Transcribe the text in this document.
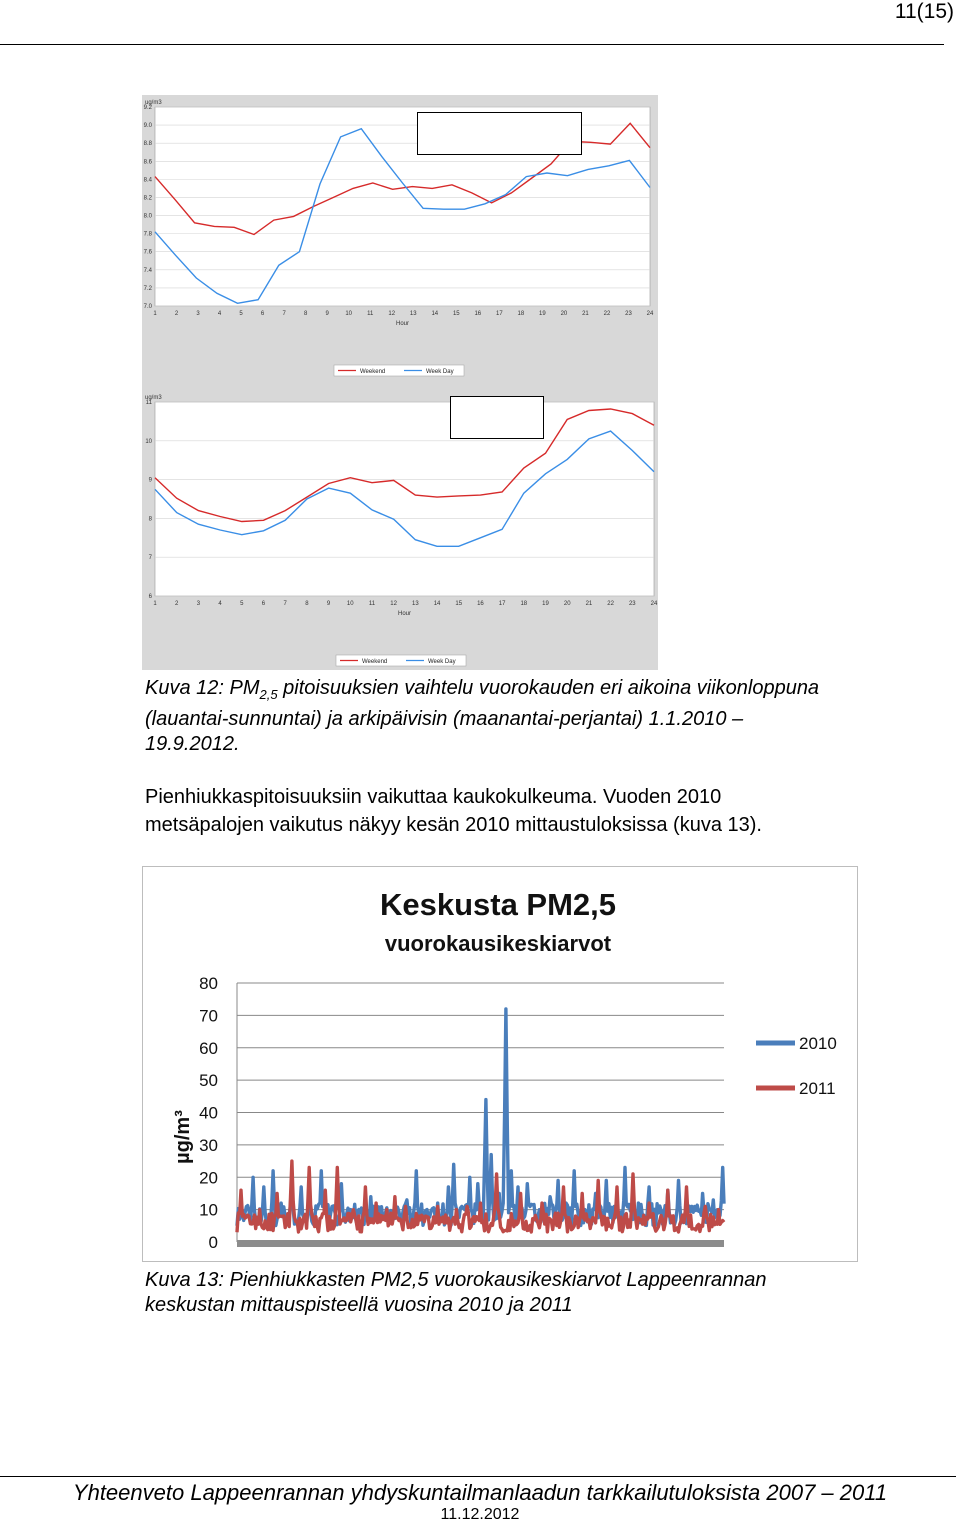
11(15)
7.0
7.2
7.4
7.6
7.8
8.0
8.2
8.4
8.6
8.8
9.0
9.2
1	2	3	4	5	6	7	8	9	10	11	12 13 14 15 16 17 18 19 20 21 22 23 24
ug/m3
Hour
Weekend	Week Day
6
7
8
9
10
11
1	2	3	4	5	6	7	8	9	10	11	12	13	14	15	16	17	18	19	20	21	22	23	24
ug/m3
Hour
Weekend	Week Day
Kuva 12: $PM_{2,5}$ pitoisuuksien vaihtelu vuorokauden eri aikoina viikonloppuna
(lauantai-sunnuntai) ja arkipäivisin (maanantai-perjantai) 1.1.2010 –
19.9.2012.
Pienhiukkaspitoisuuksiin vaikuttaa kaukokulkeuma. Vuoden 2010
metsäpalojen vaikutus näkyy kesän 2010 mittaustuloksissa (kuva 13).
Keskusta PM2,5
vuorokausikeskiarvot
0
10
20
30
40
50
60
70
80
µg/m³
2010
2011
Kuva 13: Pienhiukkasten PM2,5 vuorokausikeskiarvot Lappeenrannan
keskustan mittauspisteellä vuosina 2010 ja 2011
Yhteenveto Lappeenrannan yhdyskuntailmanlaadun tarkkailutuloksista 2007 – 2011
11.12.2012
